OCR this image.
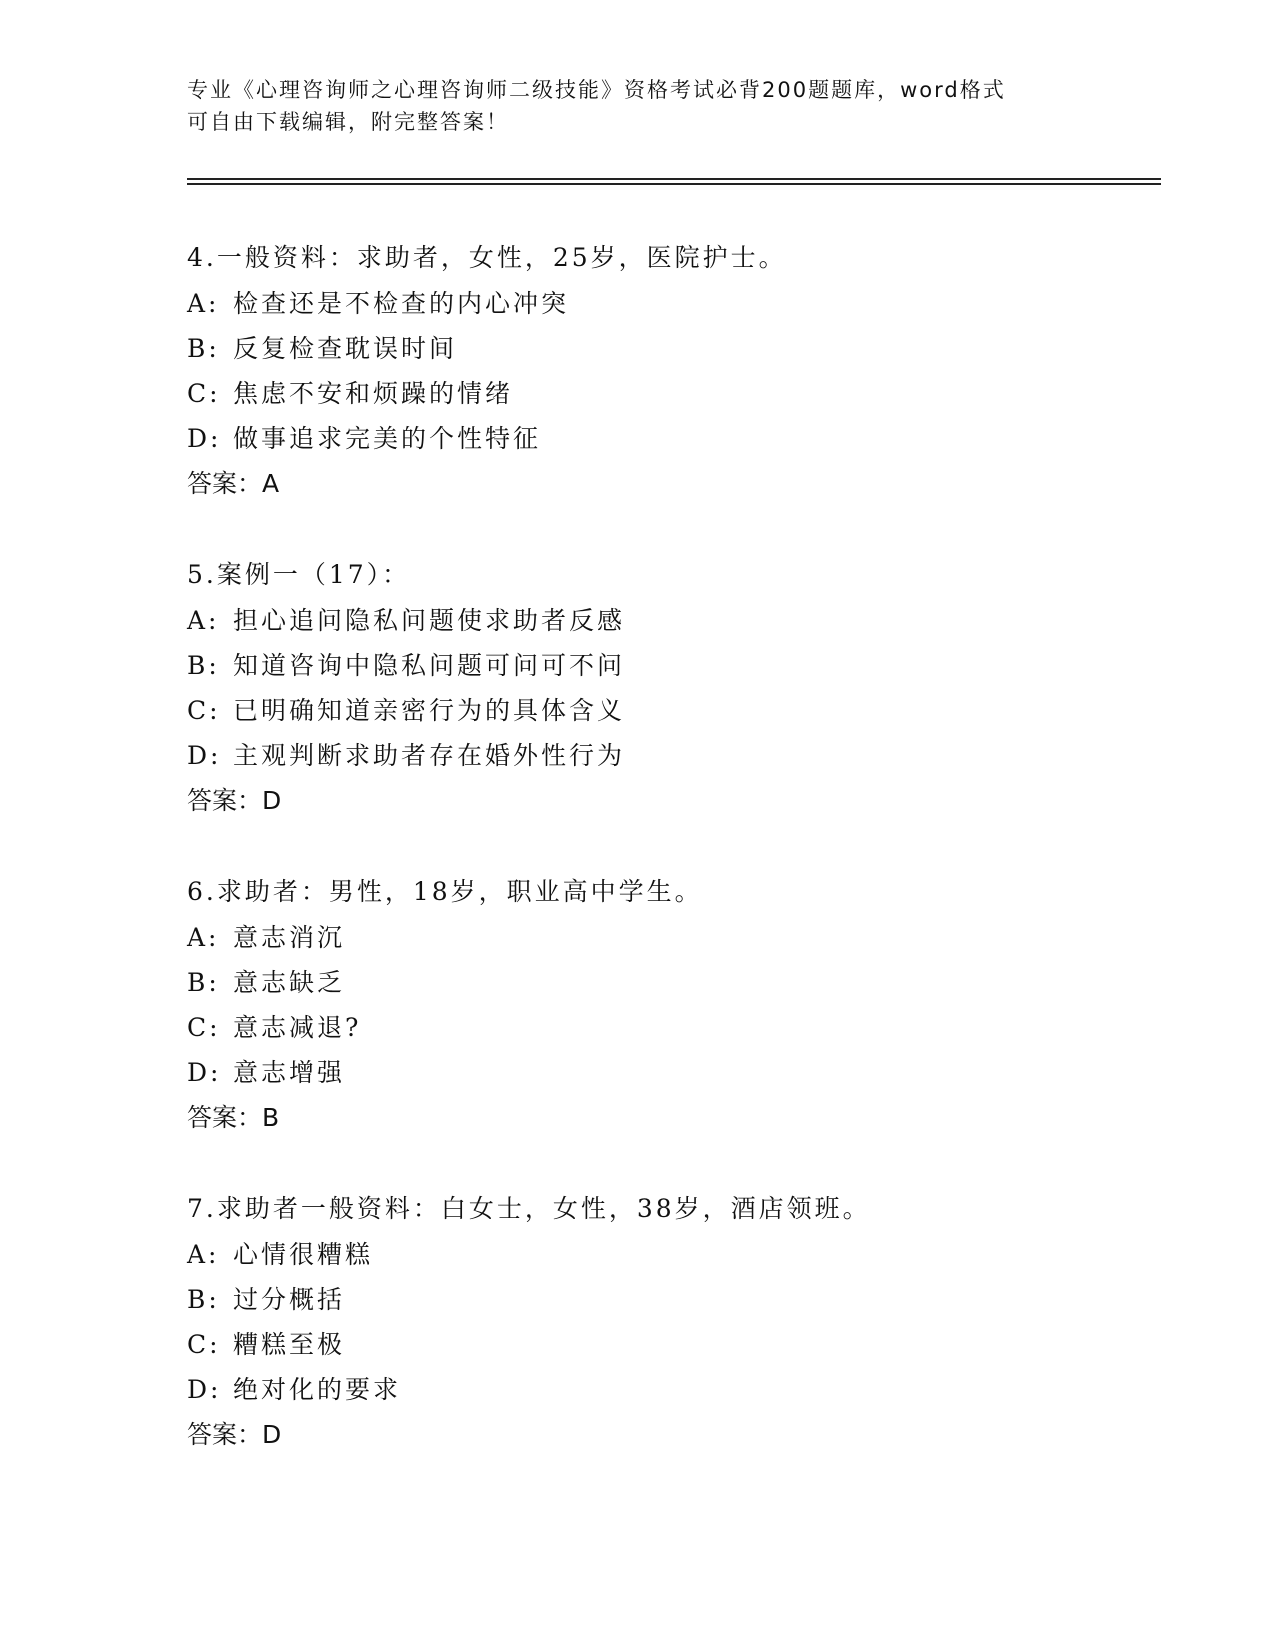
专业《心理咨询师之心理咨询师二级技能》资格考试必背200题题库，word格式
可自由下载编辑，附完整答案！
4.一般资料：求助者，女性，25岁，医院护士。
A: 检查还是不检查的内心冲突
B: 反复检查耽误时间
C: 焦虑不安和烦躁的情绪
D: 做事追求完美的个性特征
答案：A
5.案例一（17）：
A: 担心追问隐私问题使求助者反感
B: 知道咨询中隐私问题可问可不问
C: 已明确知道亲密行为的具体含义
D: 主观判断求助者存在婚外性行为
答案：D
6.求助者：男性，18岁，职业高中学生。
A: 意志消沉
B: 意志缺乏
C: 意志减退?
D: 意志增强
答案：B
7.求助者一般资料：白女士，女性，38岁，酒店领班。
A: 心情很糟糕
B: 过分概括
C: 糟糕至极
D: 绝对化的要求
答案：D
